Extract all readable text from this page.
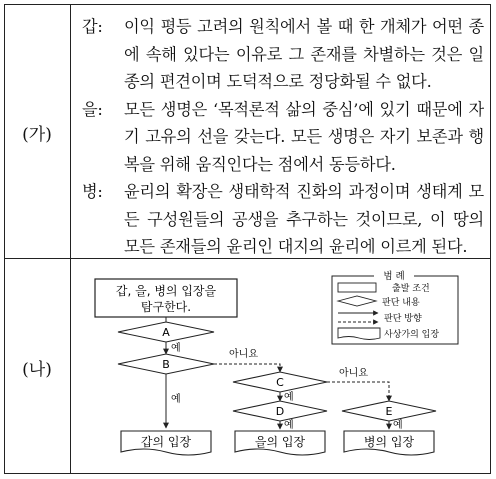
(가)
갑: 이익 평등 고려의 원칙에서 볼 때 한 개체가 어떤 종에 속해 있다는 이유로 그 존재를 차별하는 것은 일종의 편견이며 도덕적으로 정당화될 수 없다.
을: 모든 생명은 ‘목적론적 삶의 중심’에 있기 때문에 자기 고유의 선을 갖는다. 모든 생명은 자기 보존과 행복을 위해 움직인다는 점에서 동등하다.
병: 윤리의 확장은 생태학적 진화의 과정이며 생태계 모든 구성원들의 공생을 추구하는 것이므로, 이 땅의 모든 존재들의 윤리인 대지의 윤리에 이르게 된다.
(나)
갑, 을, 병의 입장을
탐구한다.
A
예
B
예
아니요
C
예
아니요
D
예
E
예
갑의 입장	을의 입장	병의 입장
범 례
출발 조건
판단 내용
판단 방향
사상가의 입장
